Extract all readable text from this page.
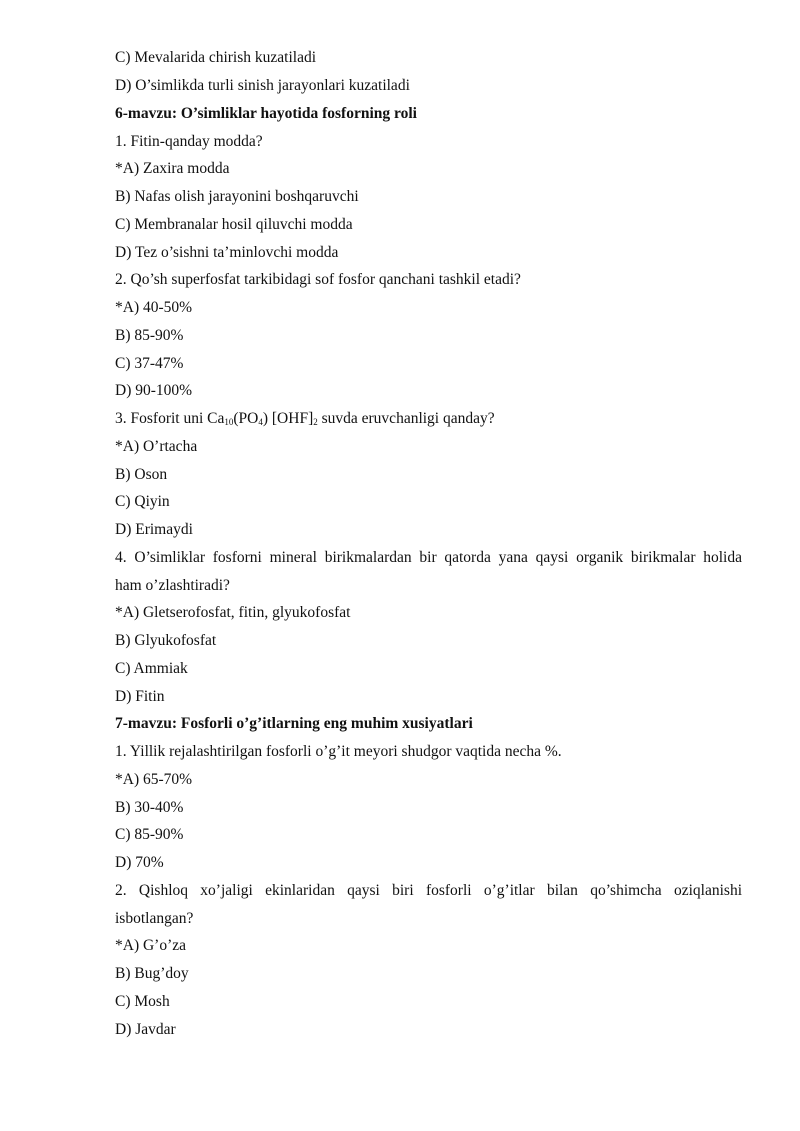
C) Mevalarida chirish kuzatiladi
D) O’simlikda turli sinish jarayonlari kuzatiladi
6-mavzu: O’simliklar hayotida fosforning roli
1. Fitin-qanday modda?
*A) Zaxira modda
B) Nafas olish jarayonini boshqaruvchi
C) Membranalar hosil qiluvchi modda
D) Tez o’sishni ta’minlovchi modda
2. Qo’sh superfosfat tarkibidagi sof fosfor qanchani tashkil etadi?
*A) 40-50%
B) 85-90%
C) 37-47%
D) 90-100%
3. Fosforit uni $Ca_{10}(PO_4)$ $[OHF]_2$ suvda eruvchanligi qanday?
*A) O’rtacha
B) Oson
C) Qiyin
D) Erimaydi
4. O’simliklar fosforni mineral birikmalardan bir qatorda yana qaysi organik birikmalar holida
ham o’zlashtiradi?
*A) Gletserofosfat, fitin, glyukofosfat
B) Glyukofosfat
C) Ammiak
D) Fitin
7-mavzu: Fosforli o’g’itlarning eng muhim xusiyatlari
1. Yillik rejalashtirilgan fosforli o’g’it meyori shudgor vaqtida necha %.
*A) 65-70%
B) 30-40%
C) 85-90%
D) 70%
2. Qishloq xo’jaligi ekinlaridan qaysi biri fosforli o’g’itlar bilan qo’shimcha oziqlanishi
isbotlangan?
*A) G’o’za
B) Bug’doy
C) Mosh
D) Javdar
